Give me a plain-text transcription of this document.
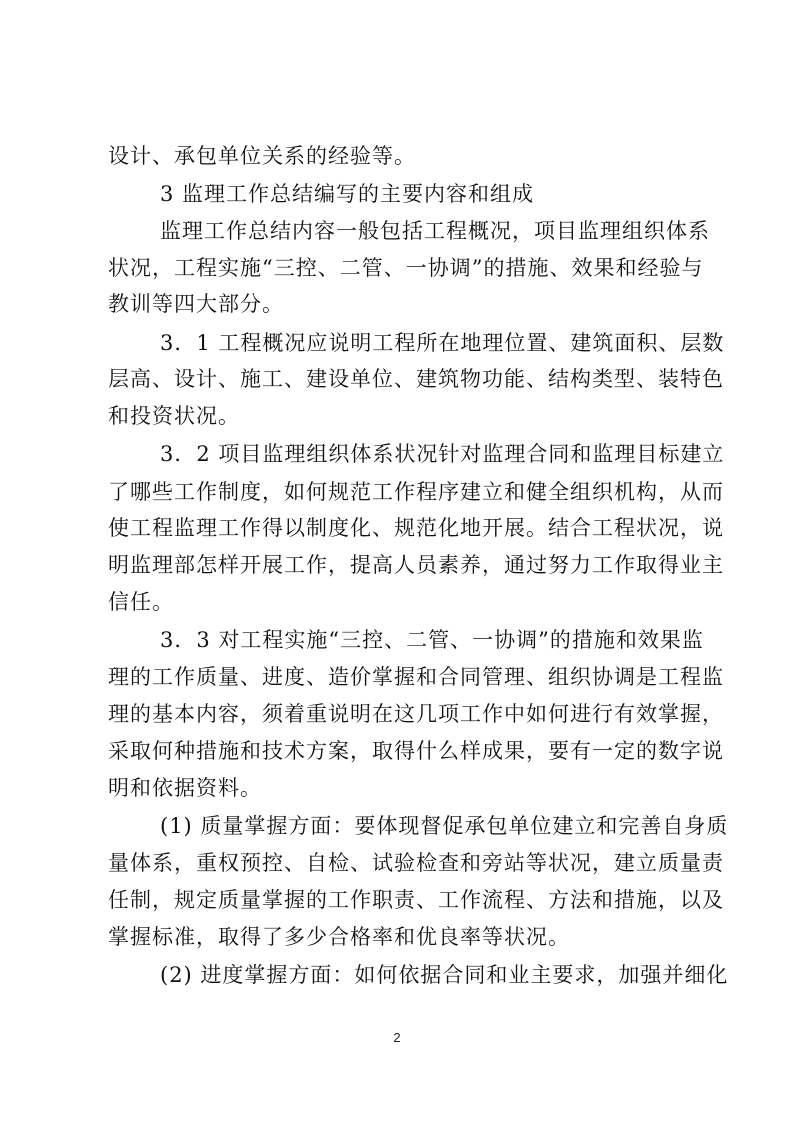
设计、承包单位关系的经验等。
3 监理工作总结编写的主要内容和组成
监理工作总结内容一般包括工程概况，项目监理组织体系
状况，工程实施“三控、二管、一协调”的措施、效果和经验与
教训等四大部分。
3．1 工程概况应说明工程所在地理位置、建筑面积、层数
层高、设计、施工、建设单位、建筑物功能、结构类型、装特色
和投资状况。
3．2 项目监理组织体系状况针对监理合同和监理目标建立
了哪些工作制度，如何规范工作程序建立和健全组织机构，从而
使工程监理工作得以制度化、规范化地开展。结合工程状况，说
明监理部怎样开展工作，提高人员素养，通过努力工作取得业主
信任。
3．3 对工程实施“三控、二管、一协调”的措施和效果监
理的工作质量、进度、造价掌握和合同管理、组织协调是工程监
理的基本内容，须着重说明在这几项工作中如何进行有效掌握，
采取何种措施和技术方案，取得什么样成果，要有一定的数字说
明和依据资料。
(1) 质量掌握方面：要体现督促承包单位建立和完善自身质
量体系，重权预控、自检、试验检查和旁站等状况，建立质量责
任制，规定质量掌握的工作职责、工作流程、方法和措施，以及
掌握标准，取得了多少合格率和优良率等状况。
(2) 进度掌握方面：如何依据合同和业主要求，加强并细化
2
